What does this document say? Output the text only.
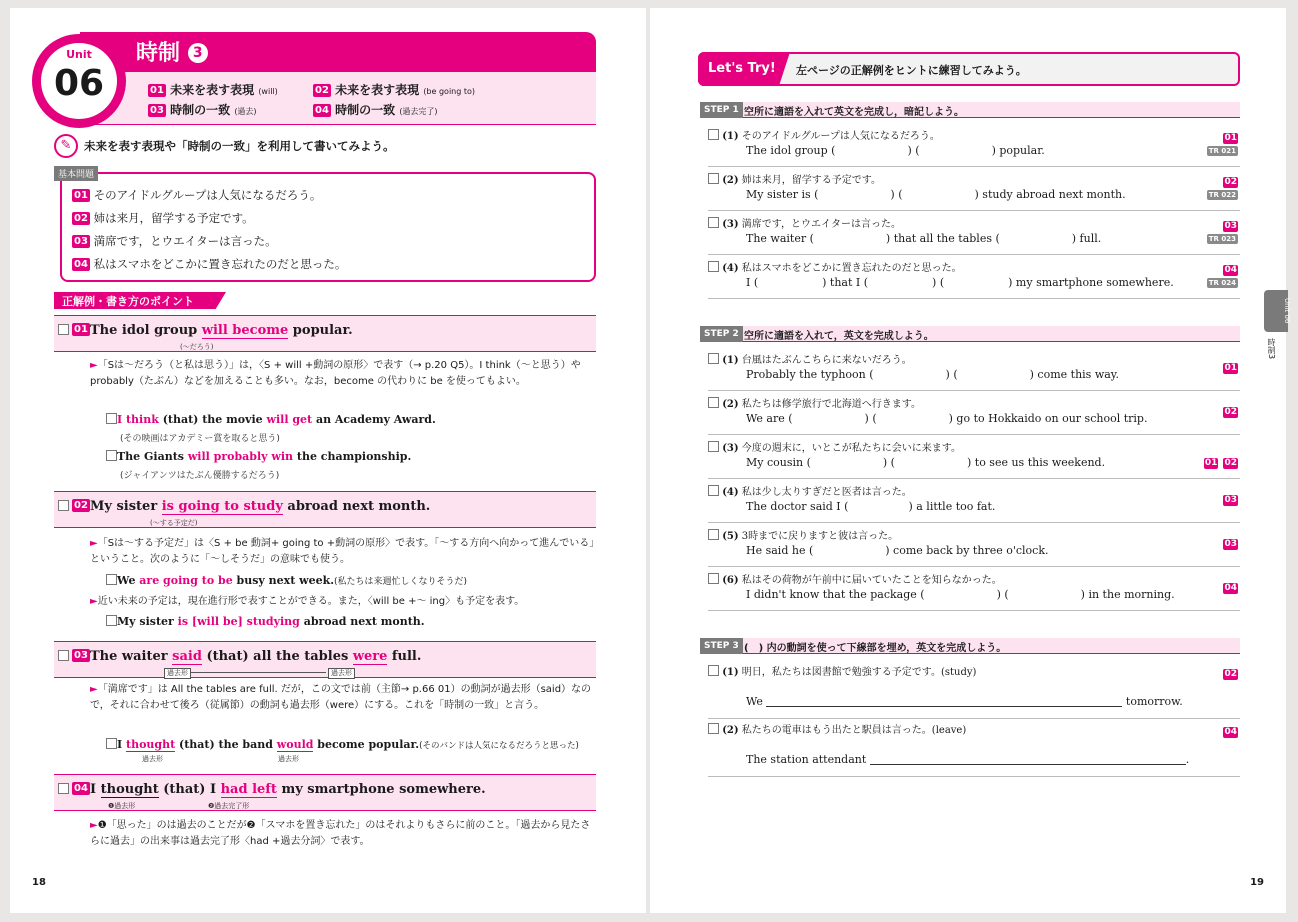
Unit
06
時制 3
01 未来を表す表現 (will)	02 未来を表す表現 (be going to)
03 時制の一致 (過去)	04 時制の一致 (過去完了)
✎	未来を表す表現や「時制の一致」を利用して書いてみよう。
基本問題
01 そのアイドルグループは人気になるだろう。
02 姉は来月，留学する予定です。
03 満席です，とウエイターは言った。
04 私はスマホをどこかに置き忘れたのだと思った。
正解例・書き方のポイント
01 The idol group will become popular.
(〜だろう)
►「Sは〜だろう（と私は思う）」は，〈S + will +動詞の原形〉で表す（→ p.20 Q5）。I think（〜と思う）や probably（たぶん）などを加えることも多い。なお，become の代わりに be を使ってもよい。
I think (that) the movie will get an Academy Award.
(その映画はアカデミー賞を取ると思う)
The Giants will probably win the championship.
(ジャイアンツはたぶん優勝するだろう)
02 My sister is going to study abroad next month.
(〜する予定だ)
►「Sは〜する予定だ」は〈S + be 動詞+ going to +動詞の原形〉で表す。「〜する方向へ向かって進んでいる」ということ。次のように「〜しそうだ」の意味でも使う。
We are going to be busy next week.(私たちは来週忙しくなりそうだ)
►近い未来の予定は，現在進行形で表すことができる。また，〈will be +〜 ing〉も予定を表す。
My sister is [will be] studying abroad next month.
03 The waiter said (that) all the tables were full.
過去形	過去形
►「満席です」は All the tables are full. だが，この文では前（主節→ p.66 01）の動詞が過去形（said）なので，それに合わせて後ろ（従属節）の動詞も過去形（were）にする。これを「時制の一致」と言う。
I thought (that) the band would become popular.(そのバンドは人気になるだろうと思った)
過去形	過去形
04 I thought (that) I had left my smartphone somewhere.
❶過去形	❷過去完了形
►❶「思った」のは過去のことだが❷「スマホを置き忘れた」のはそれよりもさらに前のこと。「過去から見たさらに過去」の出来事は過去完了形〈had +過去分詞〉で表す。
18
Let's Try! 左ページの正解例をヒントに練習してみよう。
Unit 06
時制3
STEP 1 空所に適語を入れて英文を完成し，暗記しよう。
(1) そのアイドルグループは人気になるだろう。
The idol group (	) (	) popular.
01
TR 021
(2) 姉は来月，留学する予定です。
My sister is (	) (	) study abroad next month.
02
TR 022
(3) 満席です，とウエイターは言った。
The waiter (	) that all the tables (	) full.
03
TR 023
(4) 私はスマホをどこかに置き忘れたのだと思った。
I (	) that I (	) (	) my smartphone somewhere.
04
TR 024
STEP 2 空所に適語を入れて，英文を完成しよう。
(1) 台風はたぶんこちらに来ないだろう。
Probably the typhoon (	) (	) come this way.	01
(2) 私たちは修学旅行で北海道へ行きます。
We are (	) (	) go to Hokkaido on our school trip.	02
(3) 今度の週末に，いとこが私たちに会いに来ます。
My cousin (	) (	) to see us this weekend.	01 02
(4) 私は少し太りすぎだと医者は言った。
The doctor said I (	) a little too fat.	03
(5) 3時までに戻りますと彼は言った。
He said he (	) come back by three o'clock.	03
(6) 私はその荷物が午前中に届いていたことを知らなかった。
I didn't know that the package (	) (	) in the morning.	04
STEP 3 (　) 内の動詞を使って下線部を埋め，英文を完成しよう。
(1) 明日，私たちは図書館で勉強する予定です。(study)
We	tomorrow.
02
(2) 私たちの電車はもう出たと駅員は言った。(leave)
The station attendant	.
04
19
